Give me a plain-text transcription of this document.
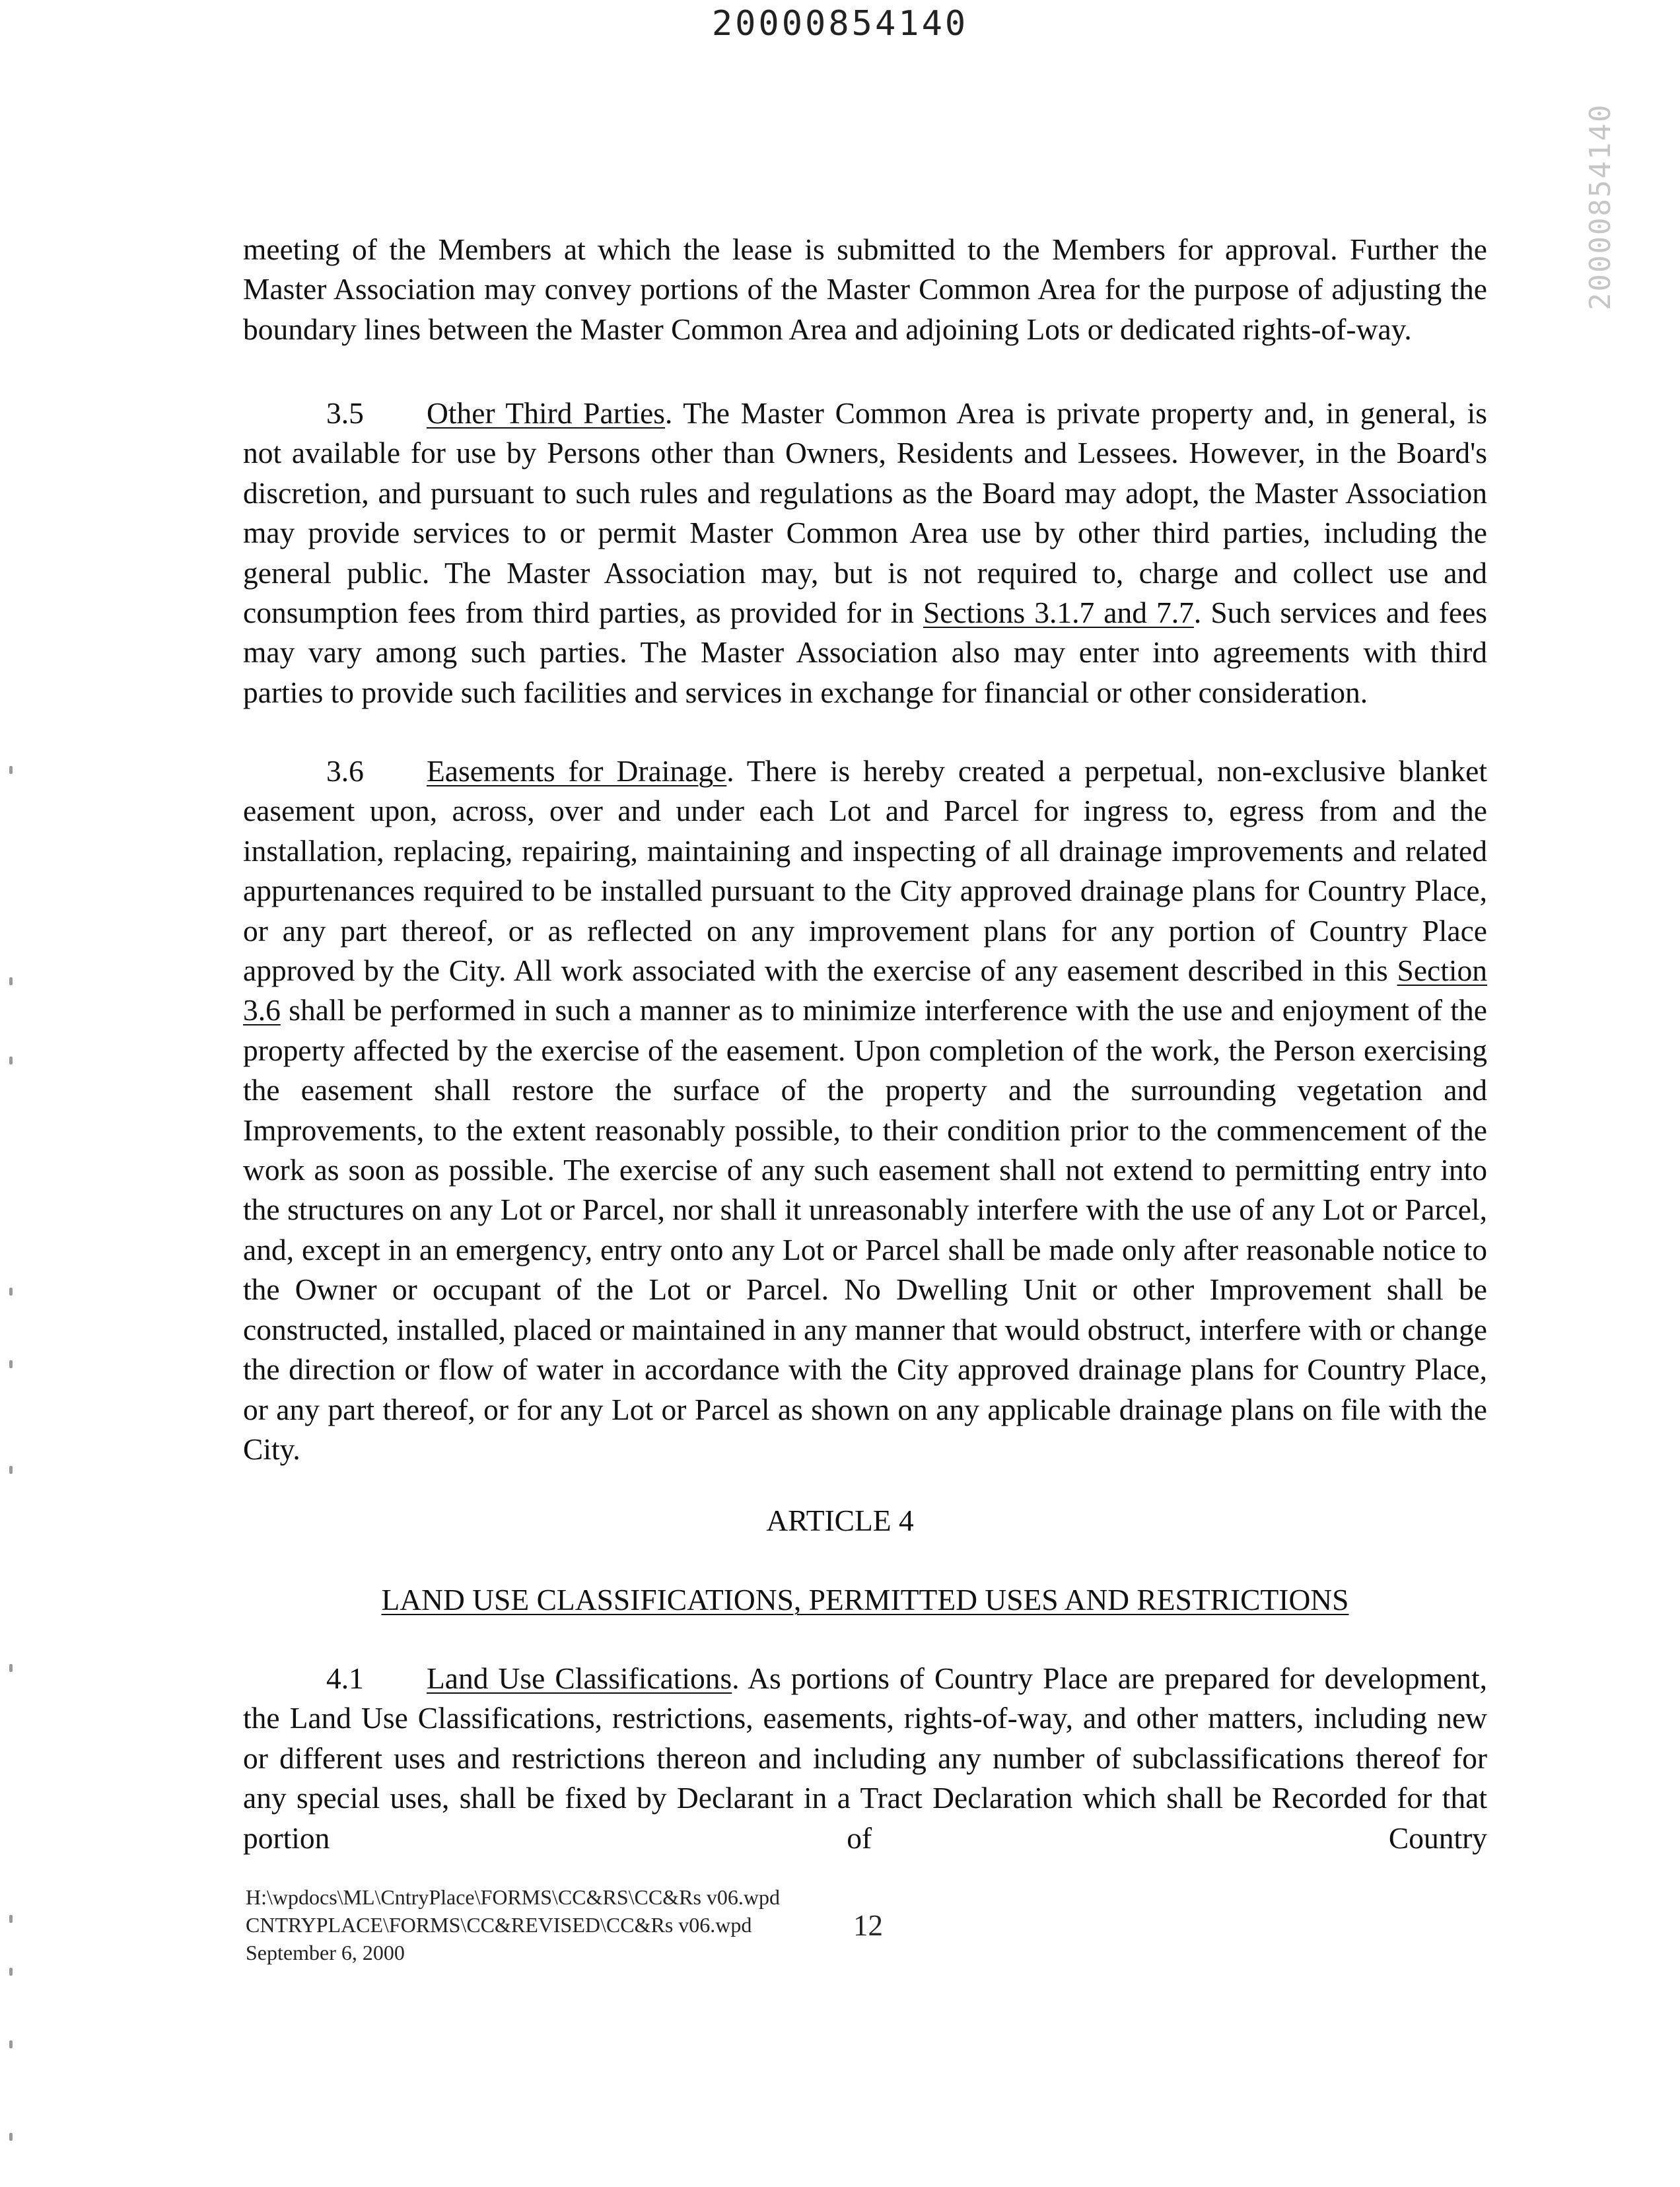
20000854140
20000854140

meeting of the Members at which the lease is submitted to the Members for approval. Further the Master Association may convey portions of the Master Common Area for the purpose of adjusting the boundary lines between the Master Common Area and adjoining Lots or dedicated rights-of-way.

3.5 Other Third Parties. The Master Common Area is private property and, in general, is not available for use by Persons other than Owners, Residents and Lessees. However, in the Board's discretion, and pursuant to such rules and regulations as the Board may adopt, the Master Association may provide services to or permit Master Common Area use by other third parties, including the general public. The Master Association may, but is not required to, charge and collect use and consumption fees from third parties, as provided for in Sections 3.1.7 and 7.7. Such services and fees may vary among such parties. The Master Association also may enter into agreements with third parties to provide such facilities and services in exchange for financial or other consideration.

3.6 Easements for Drainage. There is hereby created a perpetual, non-exclusive blanket easement upon, across, over and under each Lot and Parcel for ingress to, egress from and the installation, replacing, repairing, maintaining and inspecting of all drainage improvements and related appurtenances required to be installed pursuant to the City approved drainage plans for Country Place, or any part thereof, or as reflected on any improvement plans for any portion of Country Place approved by the City. All work associated with the exercise of any easement described in this Section 3.6 shall be performed in such a manner as to minimize interference with the use and enjoyment of the property affected by the exercise of the easement. Upon completion of the work, the Person exercising the easement shall restore the surface of the property and the surrounding vegetation and Improvements, to the extent reasonably possible, to their condition prior to the commencement of the work as soon as possible. The exercise of any such easement shall not extend to permitting entry into the structures on any Lot or Parcel, nor shall it unreasonably interfere with the use of any Lot or Parcel, and, except in an emergency, entry onto any Lot or Parcel shall be made only after reasonable notice to the Owner or occupant of the Lot or Parcel. No Dwelling Unit or other Improvement shall be constructed, installed, placed or maintained in any manner that would obstruct, interfere with or change the direction or flow of water in accordance with the City approved drainage plans for Country Place, or any part thereof, or for any Lot or Parcel as shown on any applicable drainage plans on file with the City.

ARTICLE 4
LAND USE CLASSIFICATIONS, PERMITTED USES AND RESTRICTIONS

4.1 Land Use Classifications. As portions of Country Place are prepared for development, the Land Use Classifications, restrictions, easements, rights-of-way, and other matters, including new or different uses and restrictions thereon and including any number of subclassifications thereof for any special uses, shall be fixed by Declarant in a Tract Declaration which shall be Recorded for that portion of Country

H:\wpdocs\ML\CntryPlace\FORMS\CC&RS\CC&Rs v06.wpd
CNTRYPLACE\FORMS\CC&REVISED\CC&Rs v06.wpd
September 6, 2000
12
